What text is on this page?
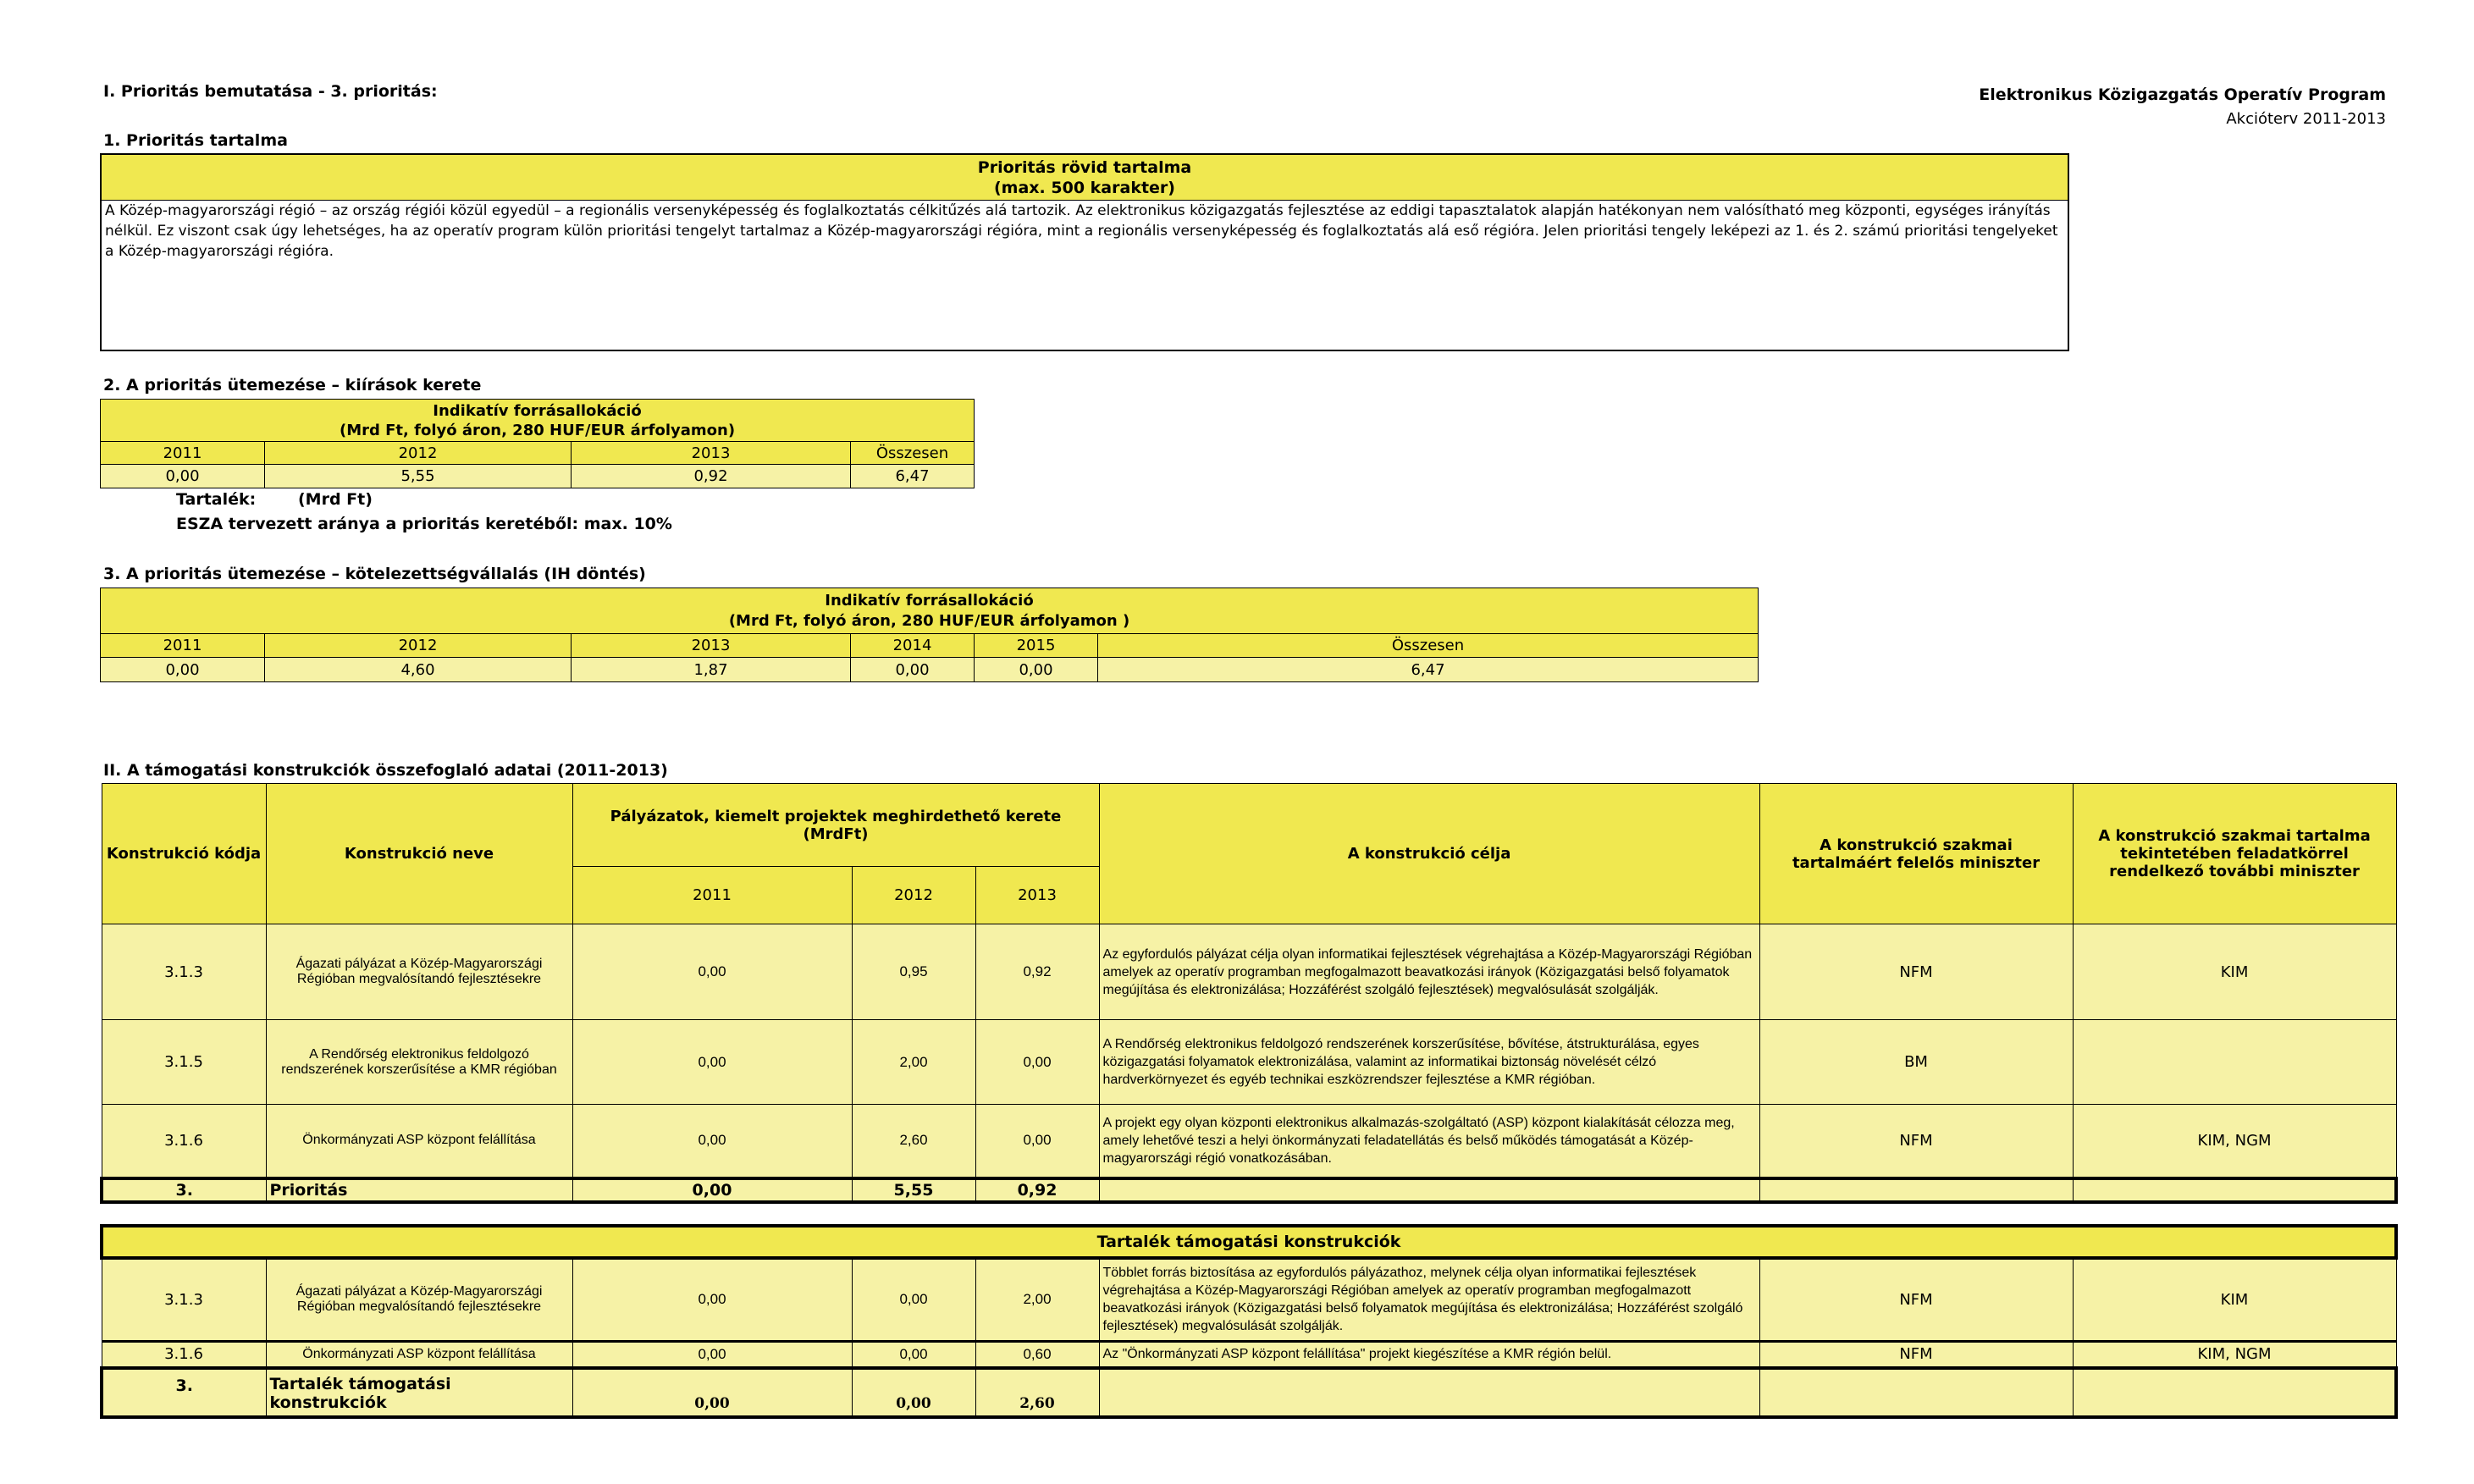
I. Prioritás bemutatása - 3. prioritás:	Elektronikus Közigazgatás Operatív Program
Akcióterv 2011-2013
1. Prioritás tartalma
Prioritás rövid tartalma
(max. 500 karakter)
A Közép-magyarországi régió – az ország régiói közül egyedül – a regionális versenyképesség és foglalkoztatás célkitűzés alá tartozik. Az elektronikus közigazgatás fejlesztése az eddigi tapasztalatok alapján hatékonyan nem valósítható meg központi, egységes irányítás nélkül. Ez viszont csak úgy lehetséges, ha az operatív program külön prioritási tengelyt tartalmaz a Közép-magyarországi régióra, mint a regionális versenyképesség és foglalkoztatás alá eső régióra. Jelen prioritási tengely leképezi az 1. és 2. számú prioritási tengelyeket a Közép-magyarországi régióra.
2. A prioritás ütemezése – kiírások kerete
Indikatív forrásallokáció
(Mrd Ft, folyó áron, 280 HUF/EUR árfolyamon)			

2011	2012	2013	Összesen
0,00	5,55	0,92	6,47
Tartalék:	(Mrd Ft)
ESZA tervezett aránya a prioritás keretéből: max. 10%
3. A prioritás ütemezése – kötelezettségvállalás (IH döntés)
Indikatív forrásallokáció
(Mrd Ft, folyó áron, 280 HUF/EUR árfolyamon )					

2011	2012	2013	2014	2015	Összesen
0,00	4,60	1,87	0,00	0,00	6,47
II. A támogatási konstrukciók összefoglaló adatai (2011-2013)
Konstrukció kódja	Konstrukció neve	Pályázatok, kiemelt projektek meghirdethető kerete (MrdFt)			A konstrukció célja	A konstrukció szakmai tartalmáért felelős miniszter	A konstrukció szakmai tartalma tekintetében feladatkörrel rendelkező további miniszter
		2011	2012	2013			
3.1.3	Ágazati pályázat a Közép-Magyarországi Régióban megvalósítandó fejlesztésekre	0,00	0,95	0,92	Az egyfordulós pályázat célja olyan informatikai fejlesztések végrehajtása a Közép-Magyarországi Régióban amelyek az operatív programban megfogalmazott beavatkozási irányok (Közigazgatási belső folyamatok megújítása és elektronizálása; Hozzáférést szolgáló fejlesztések) megvalósulását szolgálják.	NFM	KIM
3.1.5	A Rendőrség elektronikus feldolgozó rendszerének korszerűsítése a KMR régióban	0,00	2,00	0,00	A Rendőrség elektronikus feldolgozó rendszerének korszerűsítése, bővítése, átstrukturálása, egyes közigazgatási folyamatok elektronizálása, valamint az informatikai biztonság növelését célzó hardverkörnyezet és egyéb technikai eszközrendszer fejlesztése a KMR régióban.	BM	
3.1.6	Önkormányzati ASP központ felállítása	0,00	2,60	0,00	A projekt egy olyan központi elektronikus alkalmazás-szolgáltató (ASP) központ kialakítását célozza meg, amely lehetővé teszi a helyi önkormányzati feladatellátás és belső működés támogatását a Közép-magyarországi régió vonatkozásában.	NFM	KIM, NGM
3.	Prioritás	0,00	5,55	0,92			
Tartalék támogatási konstrukciók							
3.1.3	Ágazati pályázat a Közép-Magyarországi Régióban megvalósítandó fejlesztésekre	0,00	0,00	2,00	Többlet forrás biztosítása az egyfordulós pályázathoz, melynek célja olyan informatikai fejlesztések végrehajtása a Közép-Magyarországi Régióban amelyek az operatív programban megfogalmazott beavatkozási irányok (Közigazgatási belső folyamatok megújítása és elektronizálása; Hozzáférést szolgáló fejlesztések) megvalósulását szolgálják.	NFM	KIM
3.1.6	Önkormányzati ASP központ felállítása	0,00	0,00	0,60	Az "Önkormányzati ASP központ felállítása" projekt kiegészítése a KMR régión belül.	NFM	KIM, NGM
3.	Tartalék támogatási konstrukciók	0,00	0,00	2,60			
